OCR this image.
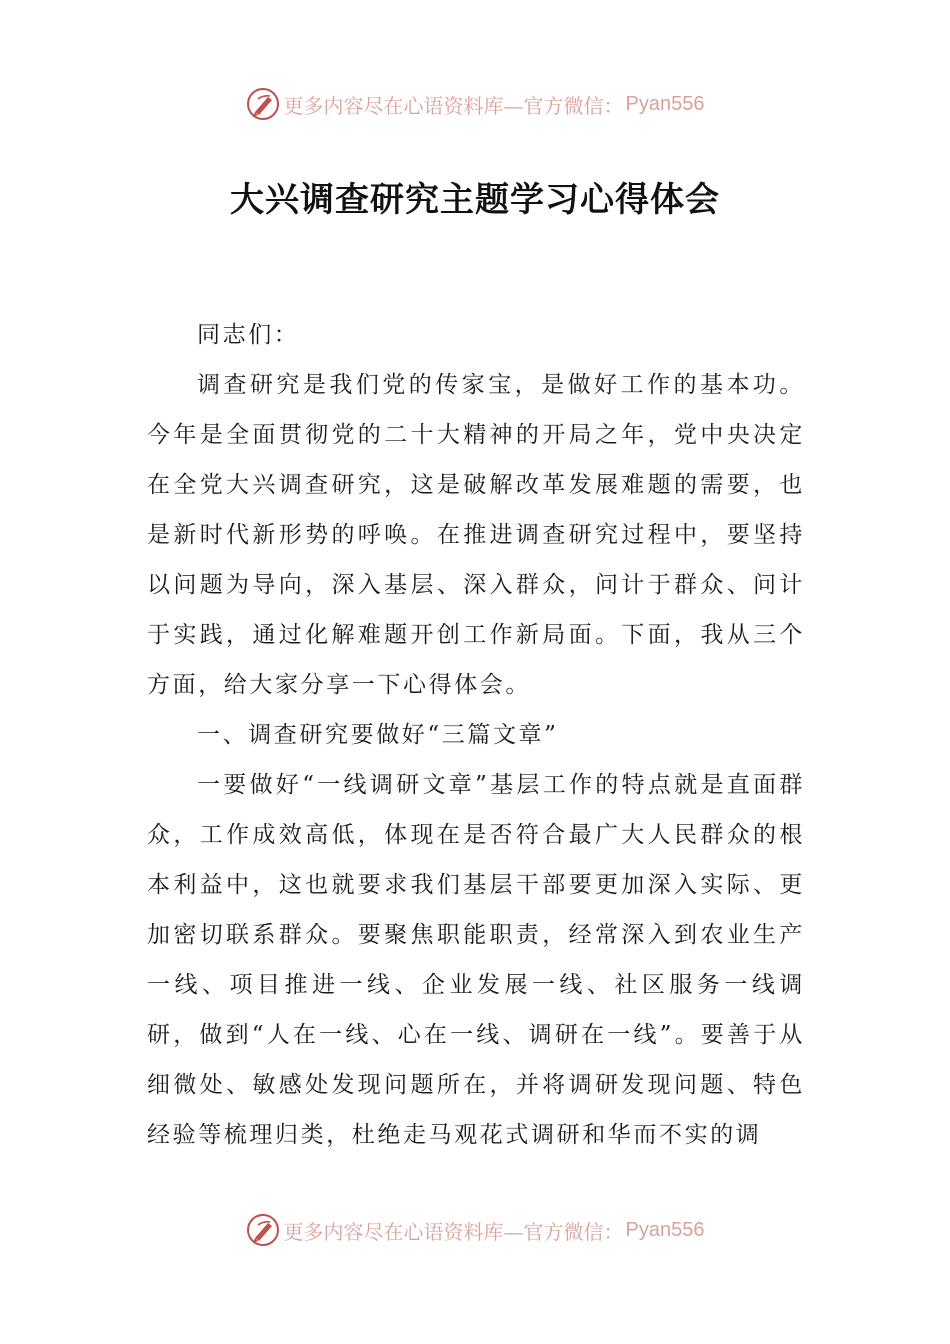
更多内容尽在心语资料库—官方微信： Pyan556
大兴调查研究主题学习心得体会

同志们：

调查研究是我们党的传家宝，是做好工作的基本功。今年是全面贯彻党的二十大精神的开局之年，党中央决定在全党大兴调查研究，这是破解改革发展难题的需要，也是新时代新形势的呼唤。在推进调查研究过程中，要坚持以问题为导向，深入基层、深入群众，问计于群众、问计于实践，通过化解难题开创工作新局面。下面，我从三个方面，给大家分享一下心得体会。

一、调查研究要做好“三篇文章”

一要做好“一线调研文章”基层工作的特点就是直面群众，工作成效高低，体现在是否符合最广大人民群众的根本利益中，这也就要求我们基层干部要更加深入实际、更加密切联系群众。要聚焦职能职责，经常深入到农业生产一线、项目推进一线、企业发展一线、社区服务一线调研，做到“人在一线、心在一线、调研在一线”。要善于从细微处、敏感处发现问题所在，并将调研发现问题、特色经验等梳理归类，杜绝走马观花式调研和华而不实的调

更多内容尽在心语资料库—官方微信： Pyan556
